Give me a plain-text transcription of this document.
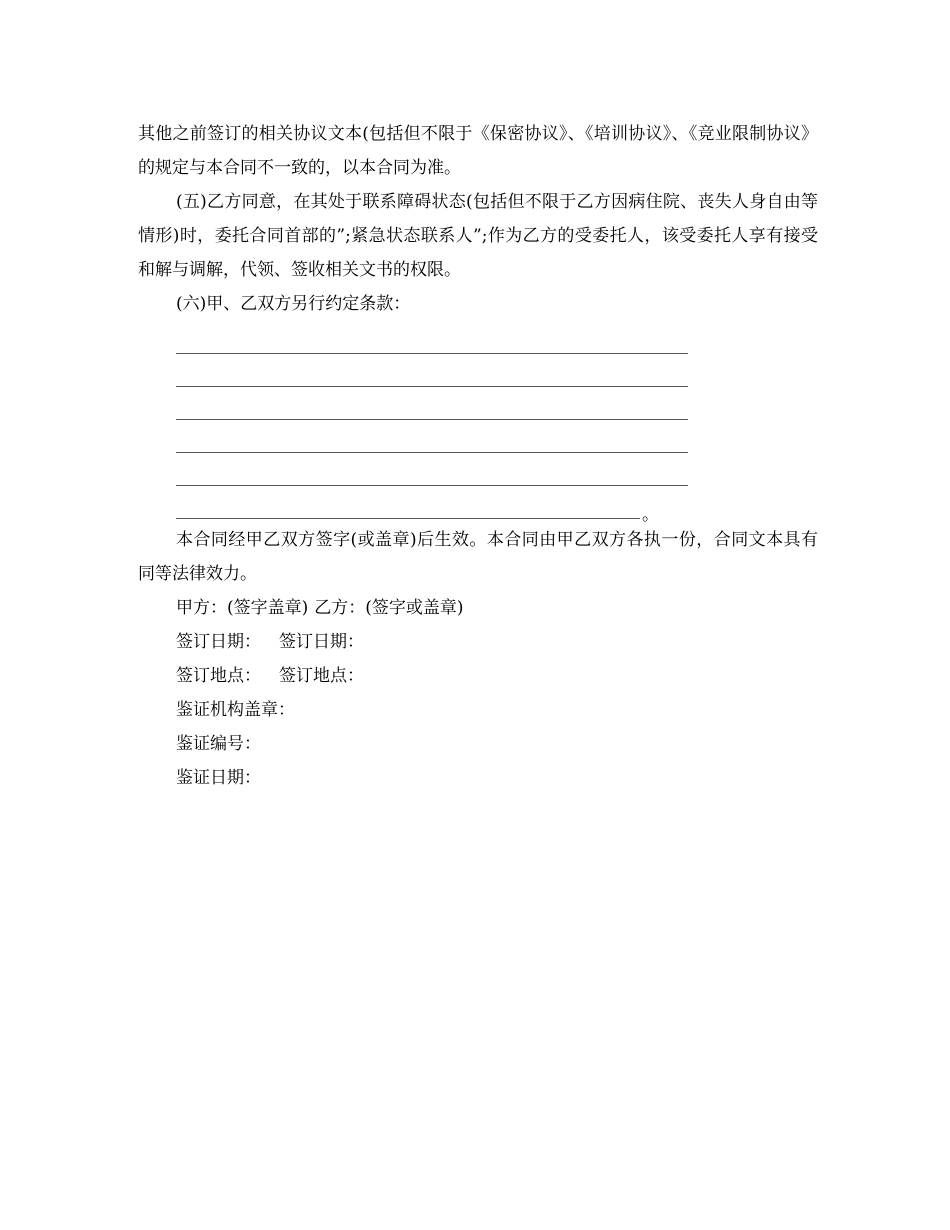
其他之前签订的相关协议文本(包括但不限于《保密协议》、《培训协议》、《竞业限制协议》的规定与本合同不一致的，以本合同为准。

(五)乙方同意，在其处于联系障碍状态(包括但不限于乙方因病住院、丧失人身自由等情形)时，委托合同首部的”;紧急状态联系人”;作为乙方的受委托人，该受委托人享有接受和解与调解，代领、签收相关文书的权限。

(六)甲、乙双方另行约定条款：

。

本合同经甲乙双方签字(或盖章)后生效。本合同由甲乙双方各执一份，合同文本具有同等法律效力。

甲方：(签字盖章) 乙方：(签字或盖章)
签订日期： 签订日期：
签订地点： 签订地点：
鉴证机构盖章：
鉴证编号：
鉴证日期：
